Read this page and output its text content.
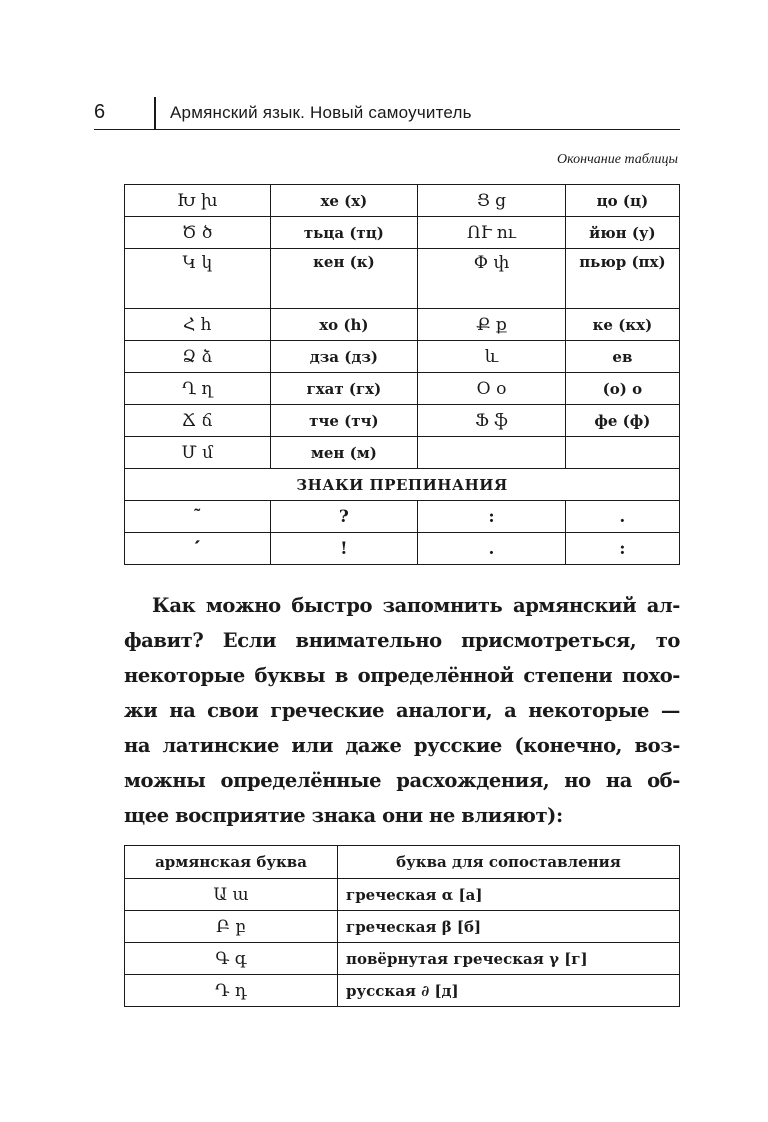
6	Армянский язык. Новый самоучитель
Окончание таблицы
Խ խ	хе (х)	Ց ց	цо (ц)
Ծ ծ	тьца (тц)	ՈՒ ու	йюн (у)
Կ կ	кен (к)	Փ փ	пьюр (пх)
Հ հ	хо (h)	Ք ք	ке (кх)
Ձ ձ	дза (дз)	և	ев
Ղ ղ	гхат (гх)	Օ օ	(о) о
Ճ ճ	тче (тч)	Ֆ ֆ	фе (ф)
Մ մ	мен (м)		
ЗНАКИ ПРЕПИНАНИЯ			
˜	?	:	.
՛	!	.	:
Как можно быстро запомнить армянский ал-
фавит? Если внимательно присмотреться, то
некоторые буквы в определённой степени похо-
жи на свои греческие аналоги, а некоторые —
на латинские или даже русские (конечно, воз-
можны определённые расхождения, но на об-
щее восприятие знака они не влияют):
армянская буква	буква для сопоставления
Ա ա	греческая α [а]
Բ բ	греческая β [б]
Գ գ	повёрнутая греческая γ [г]
Դ դ	русская ∂ [д]
